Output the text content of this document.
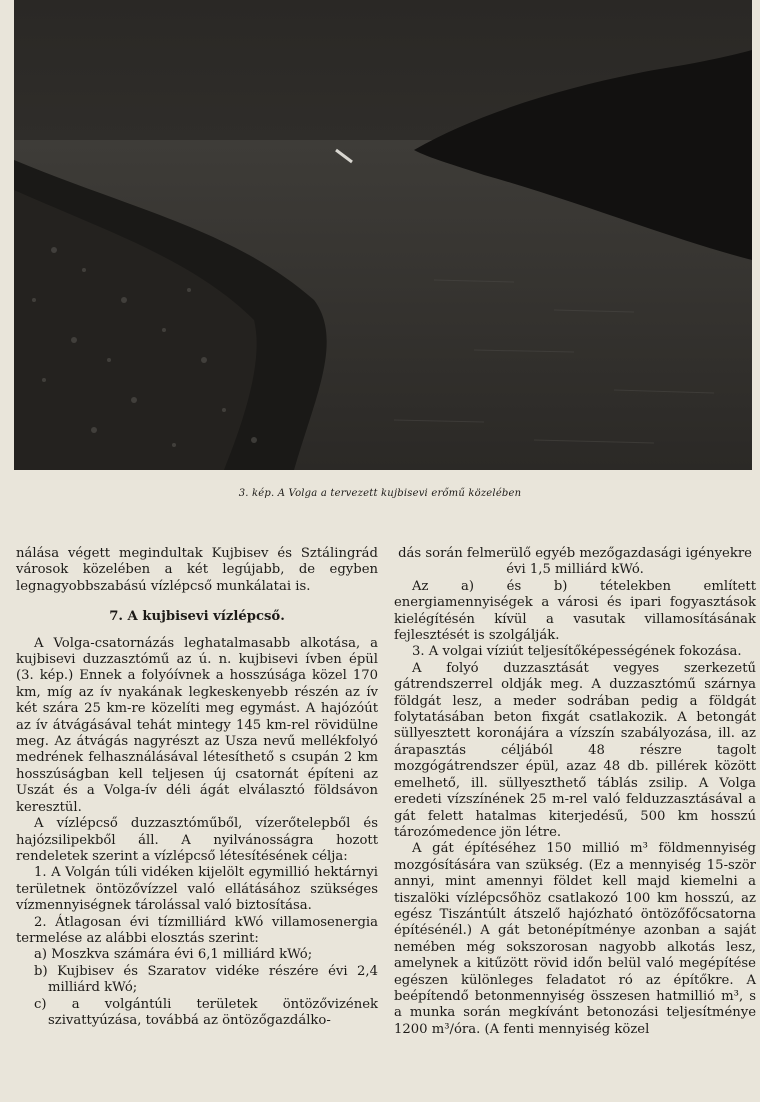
3. kép. A Volga a tervezett kujbisevi erőmű közelében

nálása végett megindultak Kujbisev és Sztálingrád városok közelében a két legújabb, de egyben legnagyobbszabású vízlépcső munkálatai is.

7. A kujbisevi vízlépcső.

A Volga-csatornázás leghatalmasabb alkotása, a kujbisevi duzzasztómű az ú. n. kujbisevi ívben épül (3. kép.) Ennek a folyóívnek a hosszúsága közel 170 km, míg az ív nyakának legkeskenyebb részén az ív két szára 25 km-re közelíti meg egymást. A hajózóút az ív átvágásával tehát mintegy 145 km-rel rövidülne meg. Az átvágás nagyrészt az Usza nevű mellékfolyó medrének felhasználásával létesíthető s csupán 2 km hosszúságban kell teljesen új csatornát építeni az Uszát és a Volga-ív déli ágát elválasztó földsávon keresztül.

A vízlépcső duzzasztóműből, vízerőtelepből és hajózsilipekből áll. A nyilvánosságra hozott rendeletek szerint a vízlépcső létesítésének célja:

1. A Volgán túli vidéken kijelölt egymillió hektárnyi területnek öntözővízzel való ellátásához szükséges vízmennyiségnek tárolással való biztosítása.

2. Átlagosan évi tízmilliárd kWó villamosenergia termelése az alábbi elosztás szerint:

a) Moszkva számára évi 6,1 milliárd kWó;

b) Kujbisev és Szaratov vidéke részére évi 2,4 milliárd kWó;

c) a volgántúli területek öntözővizének szivattyúzása, továbbá az öntözőgazdálko-

dás során felmerülő egyéb mezőgazdasági igényekre évi 1,5 milliárd kWó.

Az a) és b) tételekben említett energiamennyiségek a városi és ipari fogyasztások kielégítésén kívül a vasutak villamosításának fejlesztését is szolgálják.

3. A volgai víziút teljesítőképességének fokozása.

A folyó duzzasztását vegyes szerkezetű gátrendszerrel oldják meg. A duzzasztómű szárnya földgát lesz, a meder sodrában pedig a földgát folytatásában beton fixgát csatlakozik. A betongát süllyesztett koronájára a vízszín szabályozása, ill. az árapasztás céljából 48 részre tagolt mozgógátrendszer épül, azaz 48 db. pillérek között emelhető, ill. süllyeszthető táblás zsilip. A Volga eredeti vízszínének 25 m-rel való felduzzasztásával a gát felett hatalmas kiterjedésű, 500 km hosszú tározómedence jön létre.

A gát építéséhez 150 millió m³ földmennyiség mozgósítására van szükség. (Ez a mennyiség 15-ször annyi, mint amennyi földet kell majd kiemelni a tiszalöki vízlépcsőhöz csatlakozó 100 km hosszú, az egész Tiszántúlt átszelő hajózható öntözőfőcsatorna építésénél.) A gát betonépítménye azonban a saját nemében még sokszorosan nagyobb alkotás lesz, amelynek a kitűzött rövid időn belül való megépítése egészen különleges feladatot ró az építőkre. A beépítendő betonmennyiség összesen hatmillió m³, s a munka során megkívánt betonozási teljesítménye 1200 m³/óra. (A fenti mennyiség közel
